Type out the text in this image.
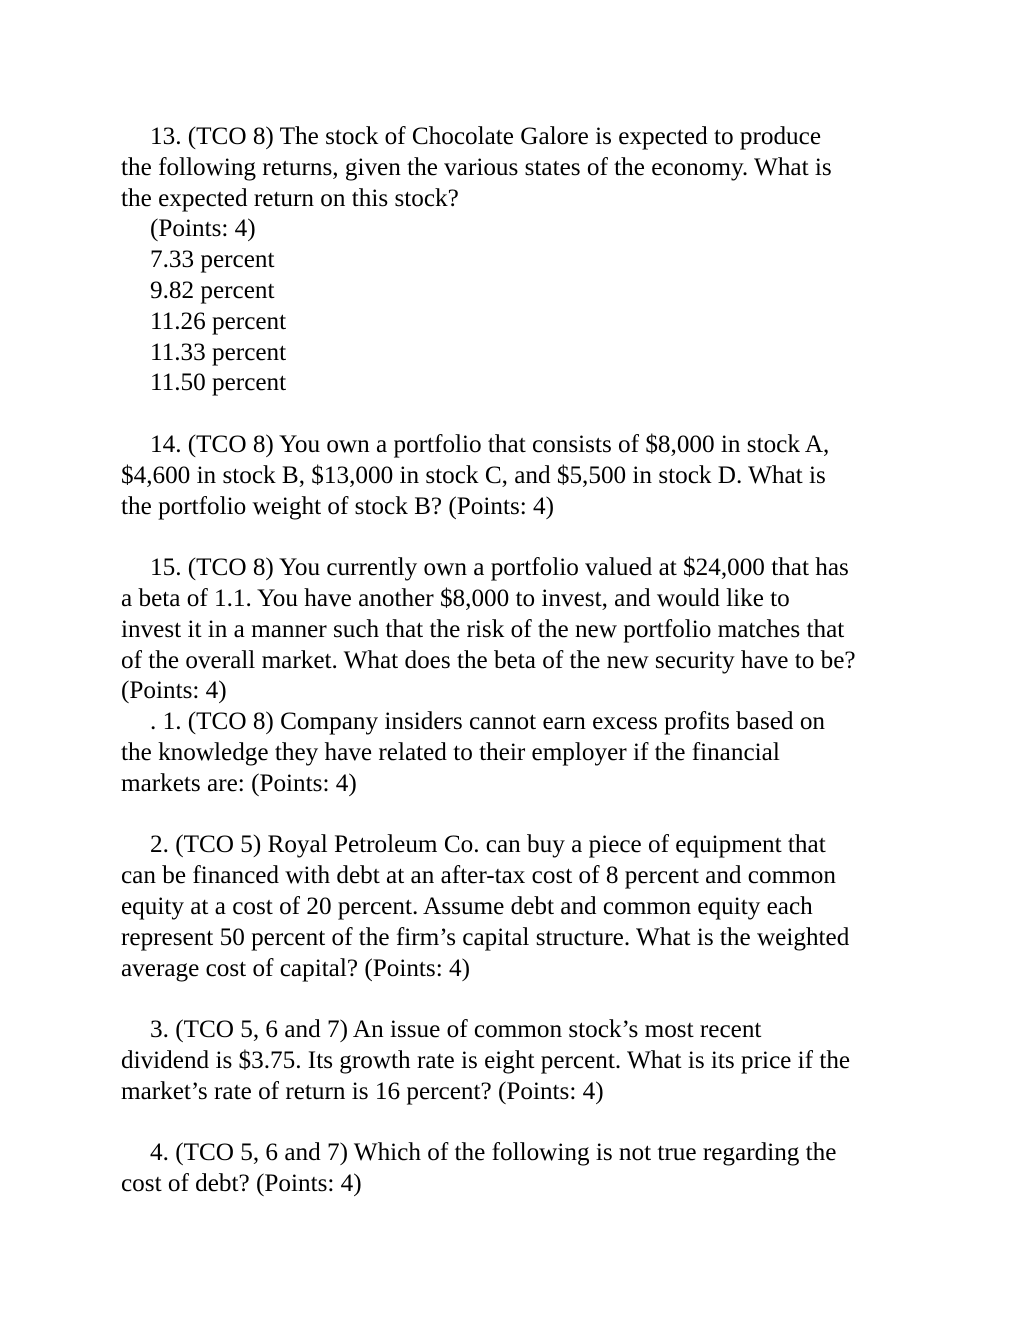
13. (TCO 8) The stock of Chocolate Galore is expected to produce
the following returns, given the various states of the economy. What is
the expected return on this stock?
(Points: 4)
7.33 percent
9.82 percent
11.26 percent
11.33 percent
11.50 percent
14. (TCO 8) You own a portfolio that consists of $8,000 in stock A,
$4,600 in stock B, $13,000 in stock C, and $5,500 in stock D. What is
the portfolio weight of stock B? (Points: 4)
15. (TCO 8) You currently own a portfolio valued at $24,000 that has
a beta of 1.1. You have another $8,000 to invest, and would like to
invest it in a manner such that the risk of the new portfolio matches that
of the overall market. What does the beta of the new security have to be?
(Points: 4)
. 1. (TCO 8) Company insiders cannot earn excess profits based on
the knowledge they have related to their employer if the financial
markets are: (Points: 4)
2. (TCO 5) Royal Petroleum Co. can buy a piece of equipment that
can be financed with debt at an after-tax cost of 8 percent and common
equity at a cost of 20 percent. Assume debt and common equity each
represent 50 percent of the firm’s capital structure. What is the weighted
average cost of capital? (Points: 4)
3. (TCO 5, 6 and 7) An issue of common stock’s most recent
dividend is $3.75. Its growth rate is eight percent. What is its price if the
market’s rate of return is 16 percent? (Points: 4)
4. (TCO 5, 6 and 7) Which of the following is not true regarding the
cost of debt? (Points: 4)
